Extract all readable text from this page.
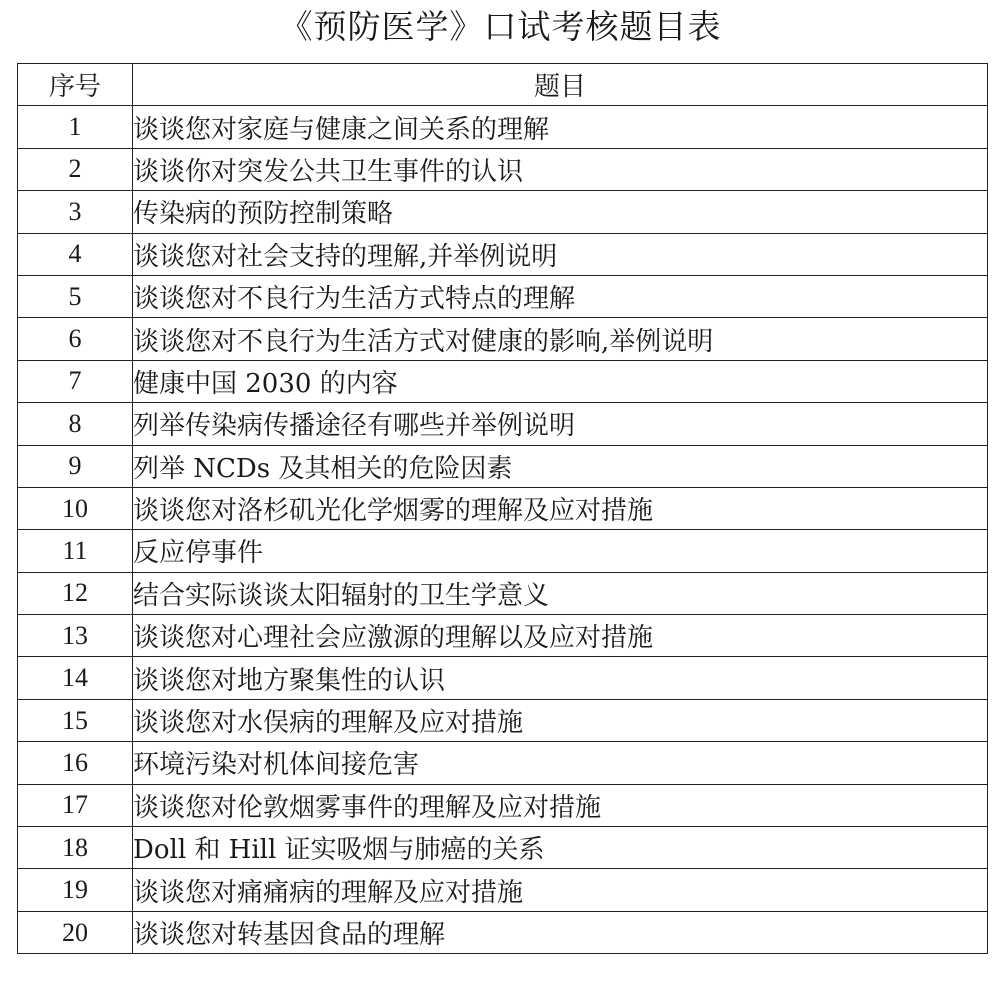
《预防医学》口试考核题目表
序号	题目
1	谈谈您对家庭与健康之间关系的理解
2	谈谈你对突发公共卫生事件的认识
3	传染病的预防控制策略
4	谈谈您对社会支持的理解,并举例说明
5	谈谈您对不良行为生活方式特点的理解
6	谈谈您对不良行为生活方式对健康的影响,举例说明
7	健康中国 2030 的内容
8	列举传染病传播途径有哪些并举例说明
9	列举 NCDs 及其相关的危险因素
10	谈谈您对洛杉矶光化学烟雾的理解及应对措施
11	反应停事件
12	结合实际谈谈太阳辐射的卫生学意义
13	谈谈您对心理社会应激源的理解以及应对措施
14	谈谈您对地方聚集性的认识
15	谈谈您对水俣病的理解及应对措施
16	环境污染对机体间接危害
17	谈谈您对伦敦烟雾事件的理解及应对措施
18	Doll 和 Hill 证实吸烟与肺癌的关系
19	谈谈您对痛痛病的理解及应对措施
20	谈谈您对转基因食品的理解
